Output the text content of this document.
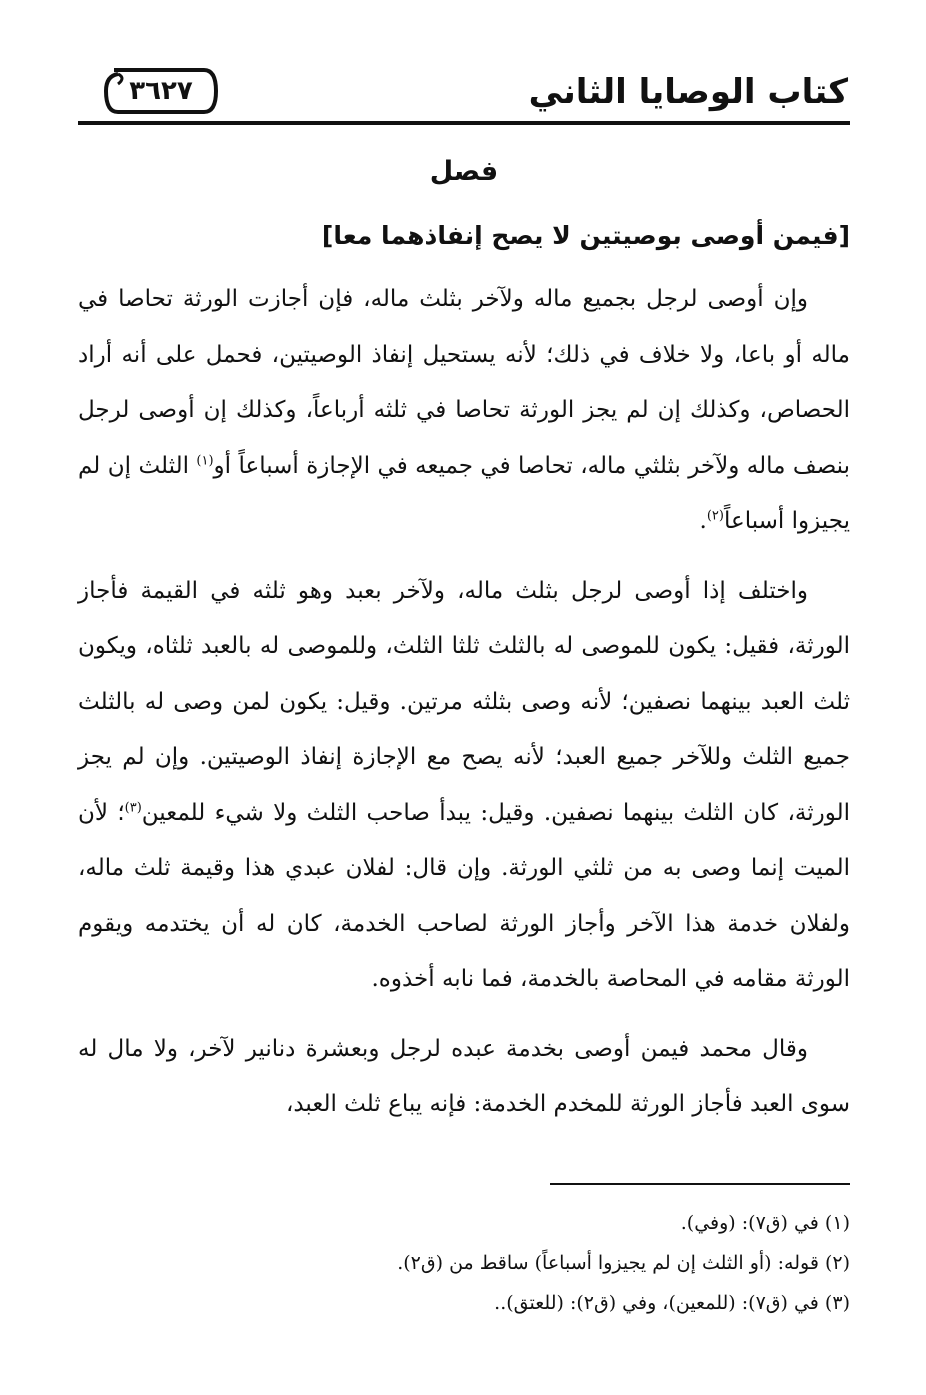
كتاب الوصايا الثاني
٣٦٢٧
فصل
[فيمن أوصى بوصيتين لا يصح إنفاذهما معا]

وإن أوصى لرجل بجميع ماله ولآخر بثلث ماله، فإن أجازت الورثة تحاصا في ماله أو باعا، ولا خلاف في ذلك؛ لأنه يستحيل إنفاذ الوصيتين، فحمل على أنه أراد الحصاص، وكذلك إن لم يجز الورثة تحاصا في ثلثه أرباعاً، وكذلك إن أوصى لرجل بنصف ماله ولآخر بثلثي ماله، تحاصا في جميعه في الإجازة أسباعاً أو$^{(١)}$ الثلث إن لم يجيزوا أسباعاً$^{(٢)}$.

واختلف إذا أوصى لرجل بثلث ماله، ولآخر بعبد وهو ثلثه في القيمة فأجاز الورثة، فقيل: يكون للموصى له بالثلث ثلثا الثلث، وللموصى له بالعبد ثلثاه، ويكون ثلث العبد بينهما نصفين؛ لأنه وصى بثلثه مرتين. وقيل: يكون لمن وصى له بالثلث جميع الثلث وللآخر جميع العبد؛ لأنه يصح مع الإجازة إنفاذ الوصيتين. وإن لم يجز الورثة، كان الثلث بينهما نصفين. وقيل: يبدأ صاحب الثلث ولا شيء للمعين$^{(٣)}$؛ لأن الميت إنما وصى به من ثلثي الورثة. وإن قال: لفلان عبدي هذا وقيمة ثلث ماله، ولفلان خدمة هذا الآخر وأجاز الورثة لصاحب الخدمة، كان له أن يختدمه ويقوم الورثة مقامه في المحاصة بالخدمة، فما نابه أخذوه.

وقال محمد فيمن أوصى بخدمة عبده لرجل وبعشرة دنانير لآخر، ولا مال له سوى العبد فأجاز الورثة للمخدم الخدمة: فإنه يباع ثلث العبد،

(١) في (ق٧): (وفي).

(٢) قوله: (أو الثلث إن لم يجيزوا أسباعاً) ساقط من (ق٢).

(٣) في (ق٧): (للمعين)، وفي (ق٢): (للعتق)..
